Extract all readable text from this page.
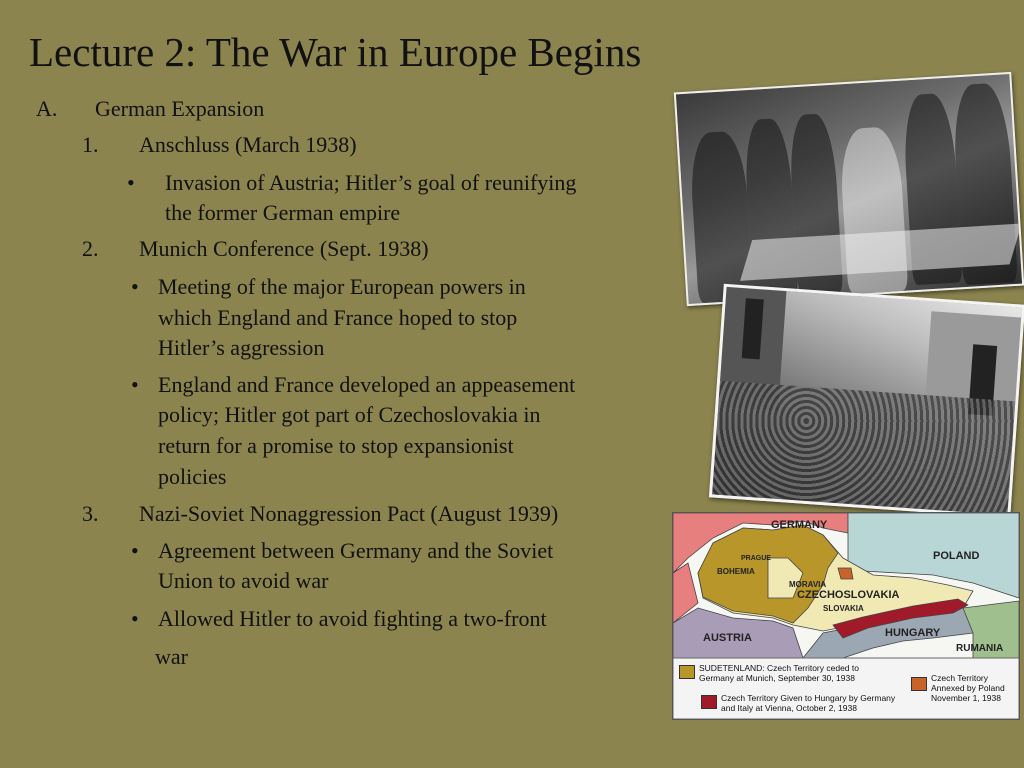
Lecture 2: The War in Europe Begins
A. German Expansion
1. Anschluss (March 1938)
• Invasion of Austria; Hitler’s goal of reunifying
the former German empire
2. Munich Conference (Sept. 1938)
• Meeting of the major European powers in
which England and France hoped to stop
Hitler’s aggression
• England and France developed an appeasement
policy; Hitler got part of Czechoslovakia in
return for a promise to stop expansionist
policies
3. Nazi-Soviet Nonaggression Pact (August 1939)
• Agreement between Germany and the Soviet
Union to avoid war
• Allowed Hitler to avoid fighting a two-front
war
GERMANY
POLAND
PRAGUE
BOHEMIA
MORAVIA
CZECHOSLOVAKIA
SLOVAKIA
AUSTRIA	HUNGARY
RUMANIA
SUDETENLAND: Czech Territory ceded to
Germany at Munich, September 30, 1938
Czech Territory Given to Hungary by Germany
and Italy at Vienna, October 2, 1938
Czech Territory
Annexed by Poland
November 1, 1938
